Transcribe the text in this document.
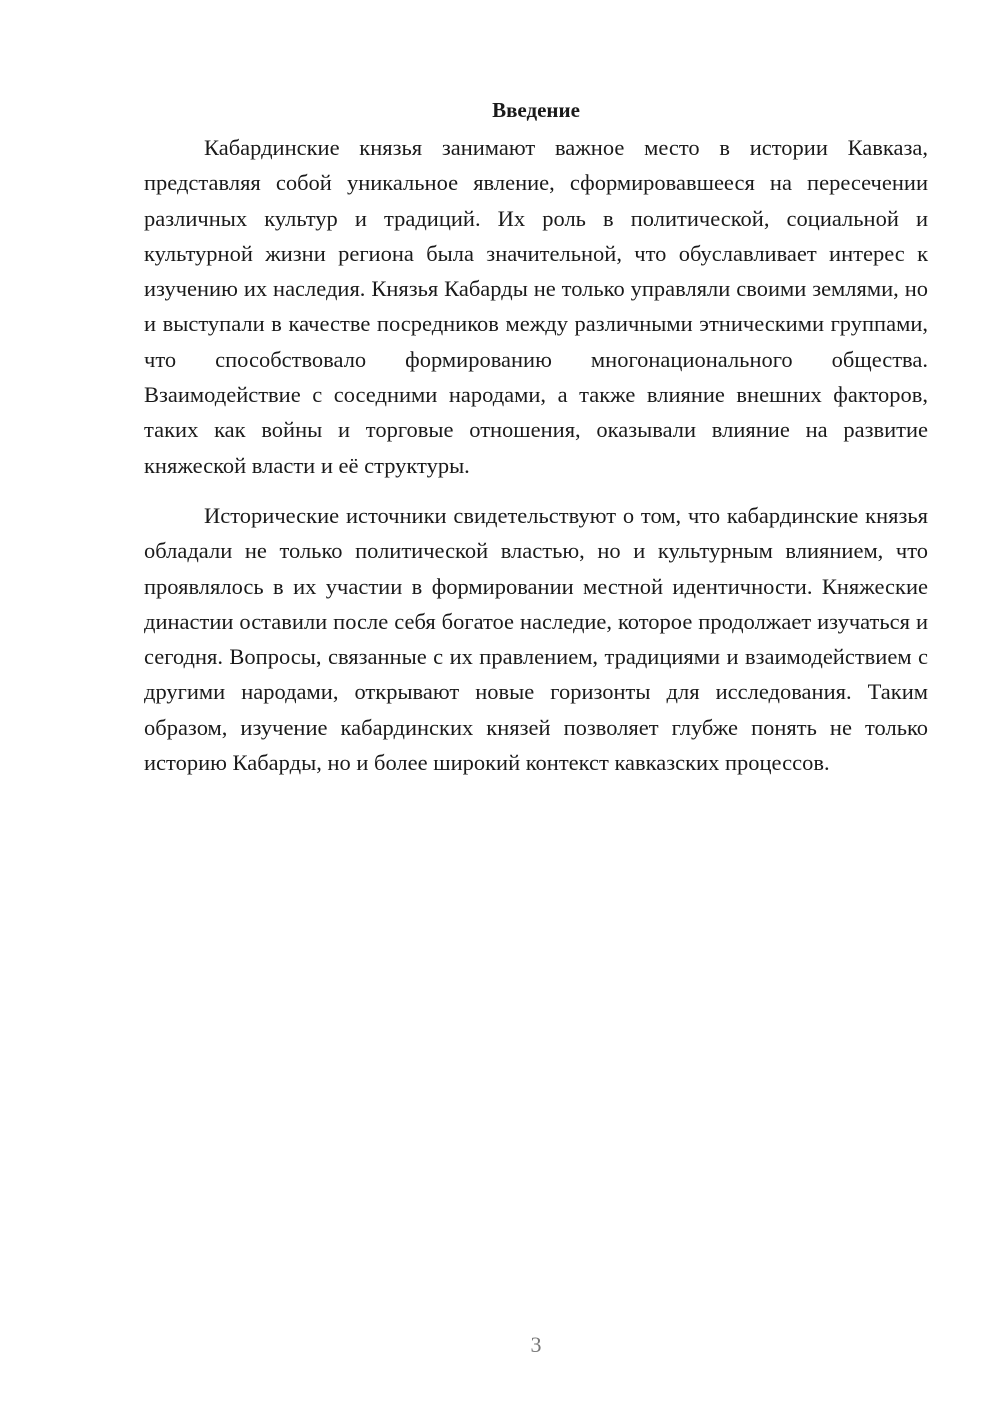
Введение

Кабардинские князья занимают важное место в истории Кавказа, представляя собой уникальное явление, сформировавшееся на пересечении различных культур и традиций. Их роль в политической, социальной и культурной жизни региона была значительной, что обуславливает интерес к изучению их наследия. Князья Кабарды не только управляли своими землями, но и выступали в качестве посредников между различными этническими группами, что способствовало формированию многонационального общества. Взаимодействие с соседними народами, а также влияние внешних факторов, таких как войны и торговые отношения, оказывали влияние на развитие княжеской власти и её структуры.

Исторические источники свидетельствуют о том, что кабардинские князья обладали не только политической властью, но и культурным влиянием, что проявлялось в их участии в формировании местной идентичности. Княжеские династии оставили после себя богатое наследие, которое продолжает изучаться и сегодня. Вопросы, связанные с их правлением, традициями и взаимодействием с другими народами, открывают новые горизонты для исследования. Таким образом, изучение кабардинских князей позволяет глубже понять не только историю Кабарды, но и более широкий контекст кавказских процессов.

3
